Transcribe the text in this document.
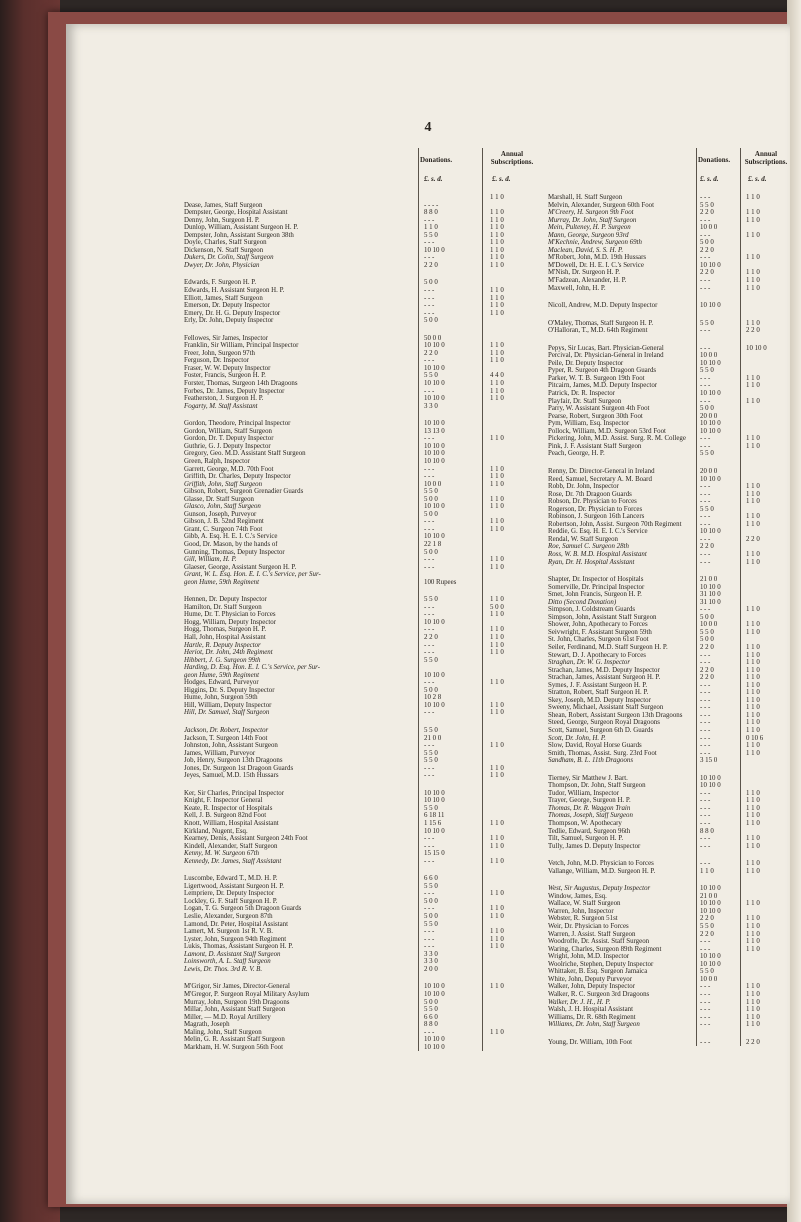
4
Donations.
Annual
Subscriptions.
£. s. d.	£. s. d.
1 1 0
Dease, James, Staff Surgeon	- - - -
Dempster, George, Hospital Assistant	8 8 0	1 1 0
Denny, John, Surgeon H. P.	- - -	1 1 0
Dunlop, William, Assistant Surgeon H. P.	1 1 0	1 1 0
Dempster, John, Assistant Surgeon 38th	5 5 0	1 1 0
Doyle, Charles, Staff Surgeon	- - -	1 1 0
Dickenson, N. Staff Surgeon	10 10 0	1 1 0
Dukers, Dr. Colin, Staff Surgeon	- - -	1 1 0
Dwyer, Dr. John, Physician	2 2 0	1 1 0
Edwards, F. Surgeon H. P.	5 0 0
Edwards, H. Assistant Surgeon H. P.	- - -	1 1 0
Elliott, James, Staff Surgeon	- - -	1 1 0
Emerson, Dr. Deputy Inspector	- - -	1 1 0
Emery, Dr. H. G. Deputy Inspector	- - -	1 1 0
Erly, Dr. John, Deputy Inspector	5 0 0
Fellowes, Sir James, Inspector	50 0 0
Franklin, Sir William, Principal Inspector	10 10 0	1 1 0
Freer, John, Surgeon 97th	2 2 0	1 1 0
Ferguson, Dr. Inspector	- - -	1 1 0
Fraser, W. W. Deputy Inspector	10 10 0
Foster, Francis, Surgeon H. P.	5 5 0	4 4 0
Forster, Thomas, Surgeon 14th Dragoons	10 10 0	1 1 0
Forbes, Dr. James, Deputy Inspector	- - -	1 1 0
Featherston, J. Surgeon H. P.	10 10 0	1 1 0
Fogarty, M. Staff Assistant	3 3 0
Gordon, Theodore, Principal Inspector	10 10 0
Gordon, William, Staff Surgeon	13 13 0
Gordon, Dr. T. Deputy Inspector	- - -	1 1 0
Guthrie, G. J. Deputy Inspector	10 10 0
Gregory, Geo. M.D. Assistant Staff Surgeon	10 10 0
Green, Ralph, Inspector	10 10 0
Garrett, George, M.D. 70th Foot	- - -	1 1 0
Griffith, Dr. Charles, Deputy Inspector	- - -	1 1 0
Griffith, John, Staff Surgeon	10 0 0	1 1 0
Gibson, Robert, Surgeon Grenadier Guards	5 5 0
Glasse, Dr. Staff Surgeon	5 0 0	1 1 0
Glasco, John, Staff Surgeon	10 10 0	1 1 0
Gunson, Joseph, Purveyor	5 0 0
Gibson, J. B. 52nd Regiment	- - -	1 1 0
Grant, C. Surgeon 74th Foot	- - -	1 1 0
Gibb, A. Esq. H. E. I. C.'s Service	10 10 0
Good, Dr. Mason, by the hands of	22 1 8
Gunning, Thomas, Deputy Inspector	5 0 0
Gill, William, H. P.	- - -	1 1 0
Glaeser, George, Assistant Surgeon H. P.	- - -	1 1 0
Grant, W. L. Esq. Hon. E. I. C.'s Service, per Sur-
geon Hume, 59th Regiment	100 Rupees
Hennen, Dr. Deputy Inspector	5 5 0	1 1 0
Hamilton, Dr. Staff Surgeon	- - -	5 0 0
Hume, Dr. T. Physician to Forces	- - -	1 1 0
Hogg, William, Deputy Inspector	10 10 0
Hogg, Thomas, Surgeon H. P.	- - -	1 1 0
Hall, John, Hospital Assistant	2 2 0	1 1 0
Hartle, R. Deputy Inspector	- - -	1 1 0
Heriot, Dr. John, 24th Regiment	- - -	1 1 0
Hibbert, J. G. Surgeon 99th	5 5 0
Harding, D. Esq. Hon. E. I. C.'s Service, per Sur-
geon Hume, 59th Regiment	10 10 0
Hodges, Edward, Purveyor	- - -	1 1 0
Higgins, Dr. S. Deputy Inspector	5 0 0
Hume, John, Surgeon 59th	10 2 8
Hill, William, Deputy Inspector	10 10 0	1 1 0
Hill, Dr. Samuel, Staff Surgeon	- - -	1 1 0
Jackson, Dr. Robert, Inspector	5 5 0
Jackson, T. Surgeon 14th Foot	21 0 0
Johnston, John, Assistant Surgeon	- - -	1 1 0
James, William, Purveyor	5 5 0
Job, Henry, Surgeon 13th Dragoons	5 5 0
Jones, Dr. Surgeon 1st Dragoon Guards	- - -	1 1 0
Jeyes, Samuel, M.D. 15th Hussars	- - -	1 1 0
Ker, Sir Charles, Principal Inspector	10 10 0
Knight, F. Inspector General	10 10 0
Keate, R. Inspector of Hospitals	5 5 0
Kell, J. B. Surgeon 82nd Foot	6 18 11
Knott, William, Hospital Assistant	1 15 6	1 1 0
Kirkland, Nugent, Esq.	10 10 0
Kearney, Denis, Assistant Surgeon 24th Foot	- - -	1 1 0
Kindell, Alexander, Staff Surgeon	- - -	1 1 0
Kenny, M. W. Surgeon 67th	15 15 0
Kennedy, Dr. James, Staff Assistant	- - -	1 1 0
Luscombe, Edward T., M.D. H. P.	6 6 0
Ligertwood, Assistant Surgeon H. P.	5 5 0
Lempriere, Dr. Deputy Inspector	- - -	1 1 0
Lockley, G. F. Staff Surgeon H. P.	5 0 0
Logan, T. G. Surgeon 5th Dragoon Guards	- - -	1 1 0
Leslie, Alexander, Surgeon 87th	5 0 0	1 1 0
Lamond, Dr. Peter, Hospital Assistant	5 5 0
Lamert, M. Surgeon 1st R. V. B.	- - -	1 1 0
Lyster, John, Surgeon 94th Regiment	- - -	1 1 0
Lukis, Thomas, Assistant Surgeon H. P.	- - -	1 1 0
Lamont, D. Assistant Staff Surgeon	3 3 0
Loinsworth, A. L. Staff Surgeon	3 3 0
Lewis, Dr. Thos. 3rd R. V. B.	2 0 0
M'Grigor, Sir James, Director-General	10 10 0	1 1 0
M'Gregor, P. Surgeon Royal Military Asylum	10 10 0
Murray, John, Surgeon 19th Dragoons	5 0 0
Millar, John, Assistant Staff Surgeon	5 5 0
Miller, — M.D. Royal Artillery	6 6 0
Magrath, Joseph	8 8 0
Maling, John, Staff Surgeon	- - -	1 1 0
Melin, G. R. Assistant Staff Surgeon	10 10 0
Markham, H. W. Surgeon 56th Foot	10 10 0
Donations.
Annual
Subscriptions.
£. s. d.	£. s. d.
Marshall, H. Staff Surgeon	- - -	1 1 0
Melvin, Alexander, Surgeon 60th Foot	5 5 0
M'Creery, H. Surgeon 9th Foot	2 2 0	1 1 0
Murray, Dr. John, Staff Surgeon	- - -	1 1 0
Mein, Pulteney, H. P. Surgeon	10 0 0
Mann, George, Surgeon 93rd	- - -	1 1 0
M'Kechnie, Andrew, Surgeon 69th	5 0 0
Maclean, David, S. S. H. P.	2 2 0
M'Robert, John, M.D. 19th Hussars	- - -	1 1 0
M'Dowell, Dr. H. E. I. C.'s Service	10 10 0
M'Nish, Dr. Surgeon H. P.	2 2 0	1 1 0
M'Fadzean, Alexander, H. P.	- - -	1 1 0
Maxwell, John, H. P.	- - -	1 1 0
Nicoll, Andrew, M.D. Deputy Inspector	10 10 0
O'Maley, Thomas, Staff Surgeon H. P.	5 5 0	1 1 0
O'Halloran, T., M.D. 64th Regiment	- - -	2 2 0
Pepys, Sir Lucas, Bart. Physician-General	- - -	10 10 0
Percival, Dr. Physician-General in Ireland	10 0 0
Peile, Dr. Deputy Inspector	10 10 0
Pyper, R. Surgeon 4th Dragoon Guards	5 5 0
Parker, W. T. B. Surgeon 19th Foot	- - -	1 1 0
Pitcairn, James, M.D. Deputy Inspector	- - -	1 1 0
Patrick, Dr. R. Inspector	10 10 0
Playfair, Dr. Staff Surgeon	- - -	1 1 0
Parry, W. Assistant Surgeon 4th Foot	5 0 0
Pearse, Robert, Surgeon 30th Foot	20 0 0
Pym, William, Esq. Inspector	10 10 0
Pollock, William, M.D. Surgeon 53rd Foot	10 10 0
Pickering, John, M.D. Assist. Surg. R. M. College	- - -	1 1 0
Pink, J. F. Assistant Staff Surgeon	- - -	1 1 0
Peach, George, H. P.	5 5 0
Renny, Dr. Director-General in Ireland	20 0 0
Reed, Samuel, Secretary A. M. Board	10 10 0
Robb, Dr. John, Inspector	- - -	1 1 0
Rose, Dr. 7th Dragoon Guards	- - -	1 1 0
Robson, Dr. Physician to Forces	- - -	1 1 0
Rogerson, Dr. Physician to Forces	5 5 0
Robinson, J. Surgeon 16th Lancers	- - -	1 1 0
Robertson, John, Assist. Surgeon 70th Regiment	- - -	1 1 0
Reddie, G. Esq. H. E. I. C.'s Service	10 10 0
Rendal, W. Staff Surgeon	- - -	2 2 0
Roe, Samuel C. Surgeon 28th	2 2 0
Ross, W. B. M.D. Hospital Assistant	- - -	1 1 0
Ryan, Dr. H. Hospital Assistant	- - -	1 1 0
Shapter, Dr. Inspector of Hospitals	21 0 0
Somerville, Dr. Principal Inspector	10 10 0
Smet, John Francis, Surgeon H. P.	31 10 0
Ditto (Second Donation)	31 10 0
Simpson, J. Coldstream Guards	- - -	1 1 0
Simpson, John, Assistant Staff Surgeon	5 0 0
Shower, John, Apothecary to Forces	10 0 0	1 1 0
Seivwright, F. Assistant Surgeon 59th	5 5 0	1 1 0
St. John, Charles, Surgeon 61st Foot	5 0 0
Seiler, Ferdinand, M.D. Staff Surgeon H. P.	2 2 0	1 1 0
Stewart, D. J. Apothecary to Forces	- - -	1 1 0
Straghan, Dr. W. G. Inspector	- - -	1 1 0
Strachan, James, M.D. Deputy Inspector	2 2 0	1 1 0
Strachan, James, Assistant Surgeon H. P.	2 2 0	1 1 0
Symes, J. F. Assistant Surgeon H. P.	- - -	1 1 0
Stratton, Robert, Staff Surgeon H. P.	- - -	1 1 0
Skey, Joseph, M.D. Deputy Inspector	- - -	1 1 0
Sweeny, Michael, Assistant Staff Surgeon	- - -	1 1 0
Shean, Robert, Assistant Surgeon 13th Dragoons	- - -	1 1 0
Steed, George, Surgeon Royal Dragoons	- - -	1 1 0
Scott, Samuel, Surgeon 6th D. Guards	- - -	1 1 0
Scott, Dr. John, H. P.	- - -	0 10 6
Slow, David, Royal Horse Guards	- - -	1 1 0
Smith, Thomas, Assist. Surg. 23rd Foot	- - -	1 1 0
Sandham, B. L. 11th Dragoons	3 15 0
Tierney, Sir Matthew J. Bart.	10 10 0
Thompson, Dr. John, Staff Surgeon	10 10 0
Tudor, William, Inspector	- - -	1 1 0
Trayer, George, Surgeon H. P.	- - -	1 1 0
Thomas, Dr. R. Waggon Train	- - -	1 1 0
Thomas, Joseph, Staff Surgeon	- - -	1 1 0
Thompson, W. Apothecary	- - -	1 1 0
Tedlie, Edward, Surgeon 96th	8 8 0
Tilt, Samuel, Surgeon H. P.	- - -	1 1 0
Tully, James D. Deputy Inspector	- - -	1 1 0
Vetch, John, M.D. Physician to Forces	- - -	1 1 0
Vallange, William, M.D. Surgeon H. P.	1 1 0	1 1 0
West, Sir Augustus, Deputy Inspector	10 10 0
Window, James, Esq.	21 0 0
Wallace, W. Staff Surgeon	10 10 0	1 1 0
Warren, John, Inspector	10 10 0
Webster, R. Surgeon 51st	2 2 0	1 1 0
Weir, Dr. Physician to Forces	5 5 0	1 1 0
Warren, J. Assist. Staff Surgeon	2 2 0	1 1 0
Woodroffe, Dr. Assist. Staff Surgeon	- - -	1 1 0
Waring, Charles, Surgeon 89th Regiment	- - -	1 1 0
Wright, John, M.D. Inspector	10 10 0
Woolriche, Stephen, Deputy Inspector	10 10 0
Whittaker, B. Esq. Surgeon Jamaica	5 5 0
White, John, Deputy Purveyor	10 0 0
Walker, John, Deputy Inspector	- - -	1 1 0
Walker, R. C. Surgeon 3rd Dragoons	- - -	1 1 0
Walker, Dr. J. H., H. P.	- - -	1 1 0
Walsh, J. H. Hospital Assistant	- - -	1 1 0
Williams, Dr. R. 68th Regiment	- - -	1 1 0
Williams, Dr. John, Staff Surgeon	- - -	1 1 0
Young, Dr. William, 10th Foot	- - -	2 2 0
